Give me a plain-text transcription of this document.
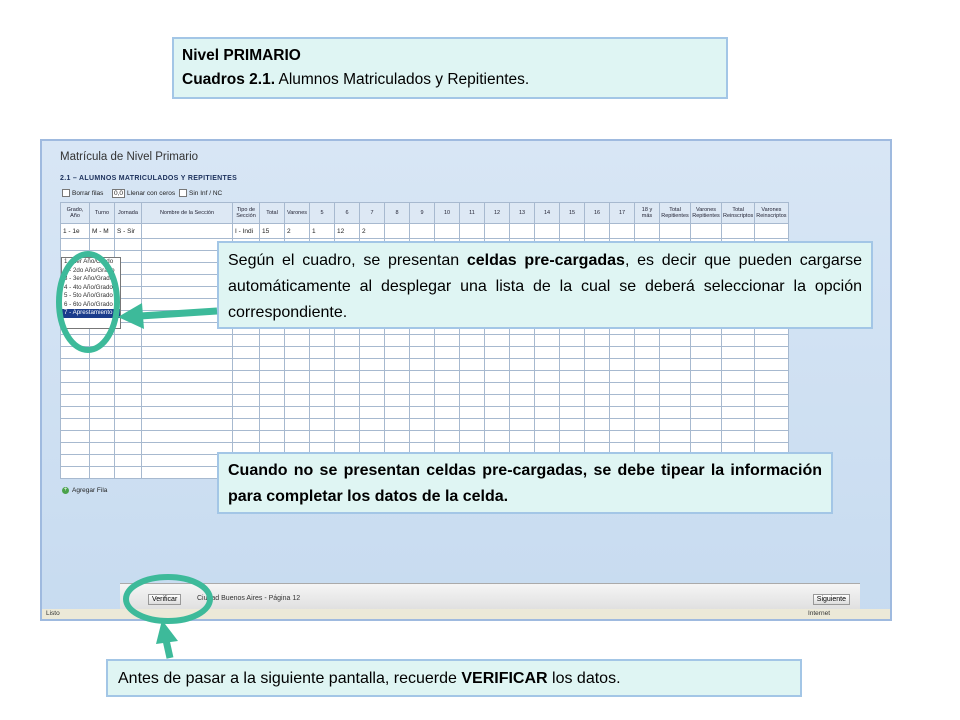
Nivel PRIMARIO
Cuadros 2.1. Alumnos Matriculados y Repitientes.
Matrícula de Nivel Primario
2.1 – ALUMNOS MATRICULADOS Y REPITIENTES
Borrar filas	0,0 Llenar con ceros Sin Inf / NC
Grado, Año	Turno	Jornada	Nombre de la Sección	Tipo de Sección	Total	Varones	5	6	7	8	9	10	11	12	13	14	15	16	17	18 y más	Total Repitientes	Varones Repitientes	Total Reinscriptos	Varones Reinscriptos
1 - 1e	M - M	S - Sir		I - Indi	15	2	1	12	2															

1 - 1er Año/Grado
2 - 2do Año/Grado
3 - 3er Año/Grado
4 - 4to Año/Grado
5 - 5to Año/Grado
6 - 6to Año/Grado
7 - Aprestamiento
+ Agregar Fila
Verificar	Ciudad Buenos Aires - Página 12	Siguiente
Listo	Internet
Según el cuadro, se presentan celdas pre-cargadas, es decir que pueden cargarse automáticamente al desplegar una lista de la cual se deberá seleccionar la opción correspondiente.
Cuando no se presentan celdas pre-cargadas, se debe tipear la información para completar los datos de la celda.
Antes de pasar a la siguiente pantalla, recuerde VERIFICAR los datos.
